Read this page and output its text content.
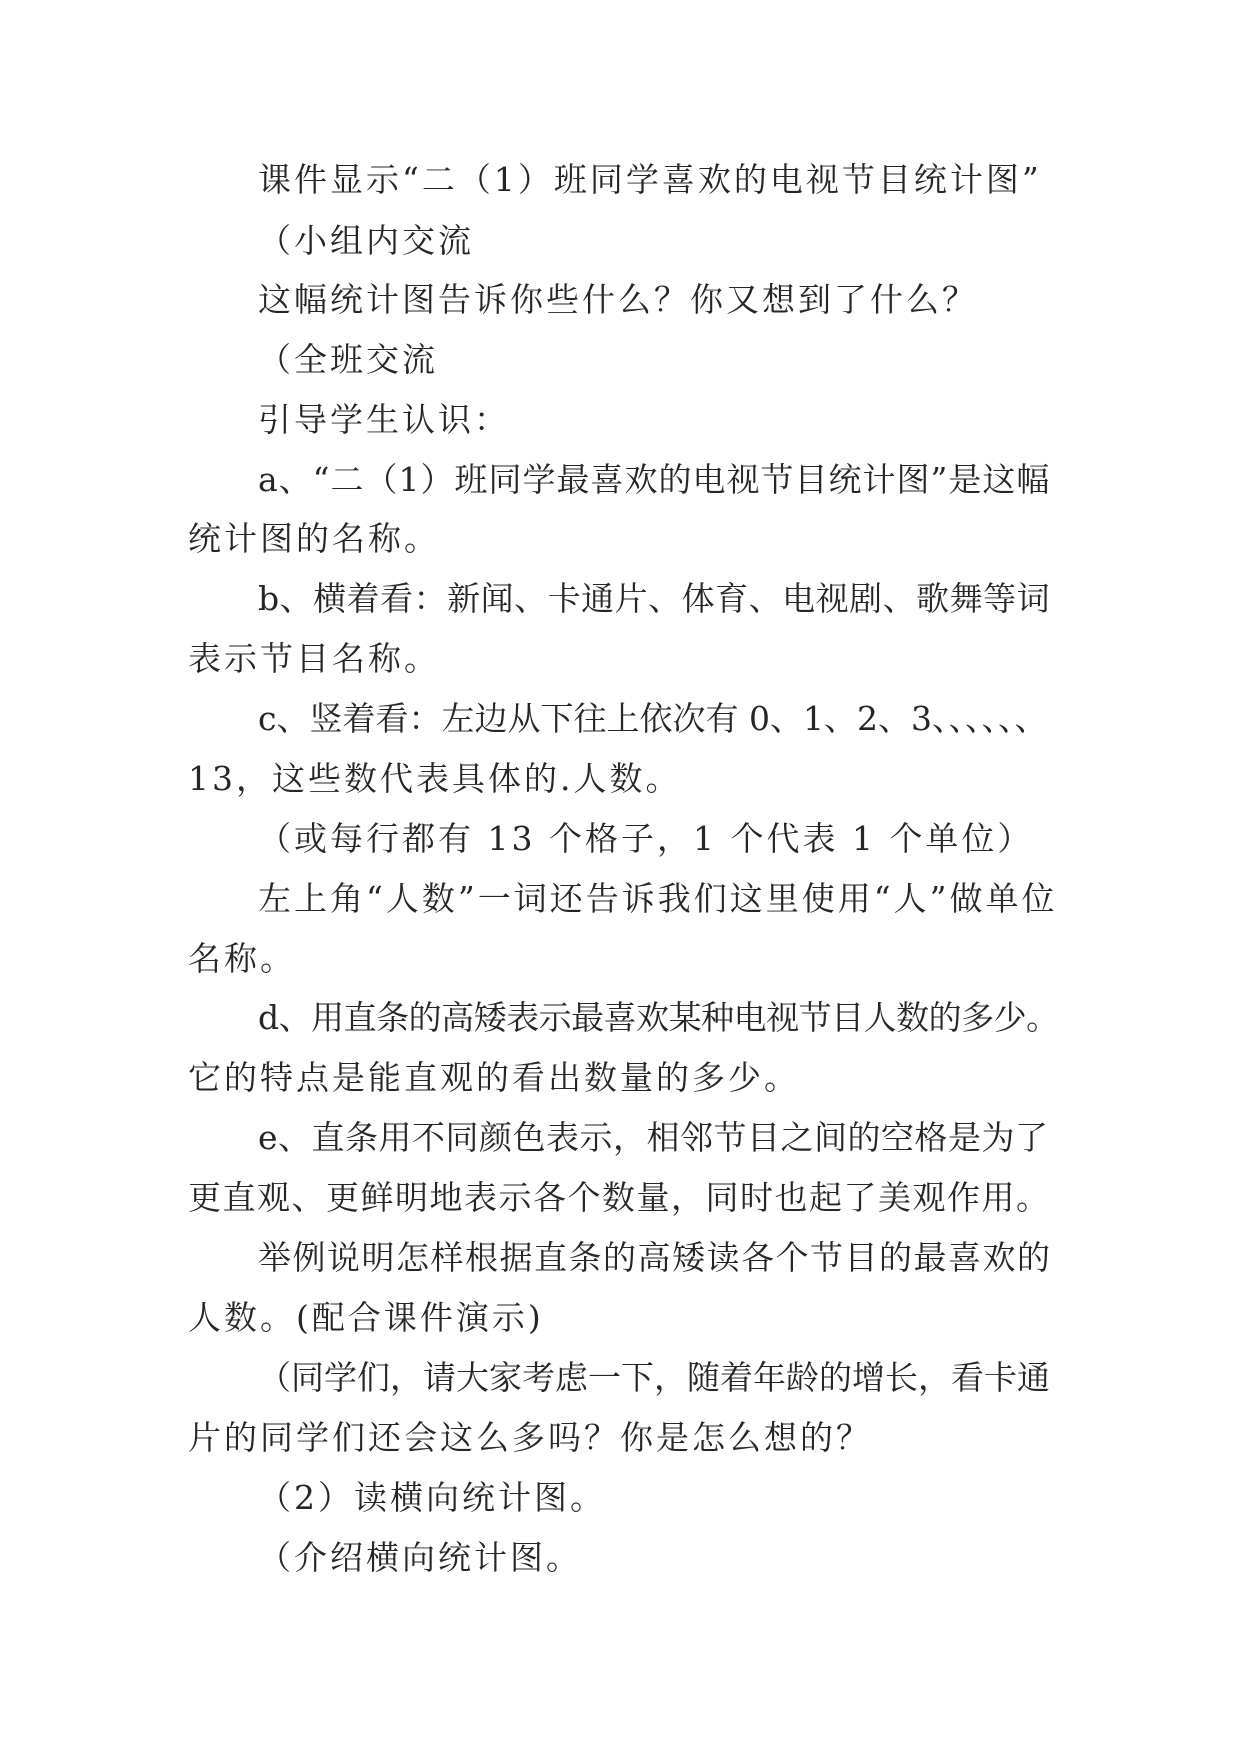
课件显示“二（1）班同学喜欢的电视节目统计图”
（小组内交流
这幅统计图告诉你些什么？你又想到了什么？
（全班交流
引导学生认识：
a、“二（1）班同学最喜欢的电视节目统计图”是这幅
统计图的名称。
b、横着看：新闻、卡通片、体育、电视剧、歌舞等词
表示节目名称。
c、竖着看：左边从下往上依次有 0、1、2、3、、、、、、
13，这些数代表具体的.人数。
（或每行都有 13 个格子，1 个代表 1 个单位）
左上角“人数”一词还告诉我们这里使用“人”做单位
名称。
d、用直条的高矮表示最喜欢某种电视节目人数的多少。
它的特点是能直观的看出数量的多少。
e、直条用不同颜色表示，相邻节目之间的空格是为了
更直观、更鲜明地表示各个数量，同时也起了美观作用。
举例说明怎样根据直条的高矮读各个节目的最喜欢的
人数。(配合课件演示)
（同学们，请大家考虑一下，随着年龄的增长，看卡通
片的同学们还会这么多吗？你是怎么想的？
（2）读横向统计图。
（介绍横向统计图。
